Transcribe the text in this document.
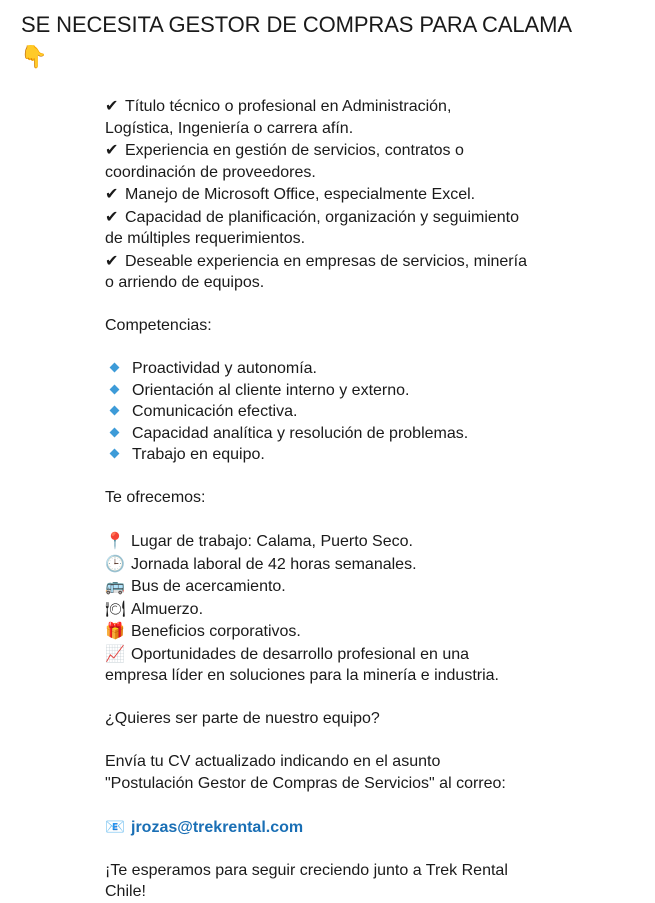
SE NECESITA GESTOR DE COMPRAS PARA CALAMA
👇
✔ Título técnico o profesional en Administración,
Logística, Ingeniería o carrera afín.
✔ Experiencia en gestión de servicios, contratos o
coordinación de proveedores.
✔ Manejo de Microsoft Office, especialmente Excel.
✔ Capacidad de planificación, organización y seguimiento
de múltiples requerimientos.
✔ Deseable experiencia en empresas de servicios, minería
o arriendo de equipos.
Competencias:
Proactividad y autonomía.
Orientación al cliente interno y externo.
Comunicación efectiva.
Capacidad analítica y resolución de problemas.
Trabajo en equipo.
Te ofrecemos:
📍 Lugar de trabajo: Calama, Puerto Seco.
🕒 Jornada laboral de 42 horas semanales.
🚌 Bus de acercamiento.
🍽 Almuerzo.
🎁 Beneficios corporativos.
📈 Oportunidades de desarrollo profesional en una
empresa líder en soluciones para la minería e industria.
¿Quieres ser parte de nuestro equipo?
Envía tu CV actualizado indicando en el asunto
"Postulación Gestor de Compras de Servicios" al correo:
📧 jrozas@trekrental.com
¡Te esperamos para seguir creciendo junto a Trek Rental
Chile!
